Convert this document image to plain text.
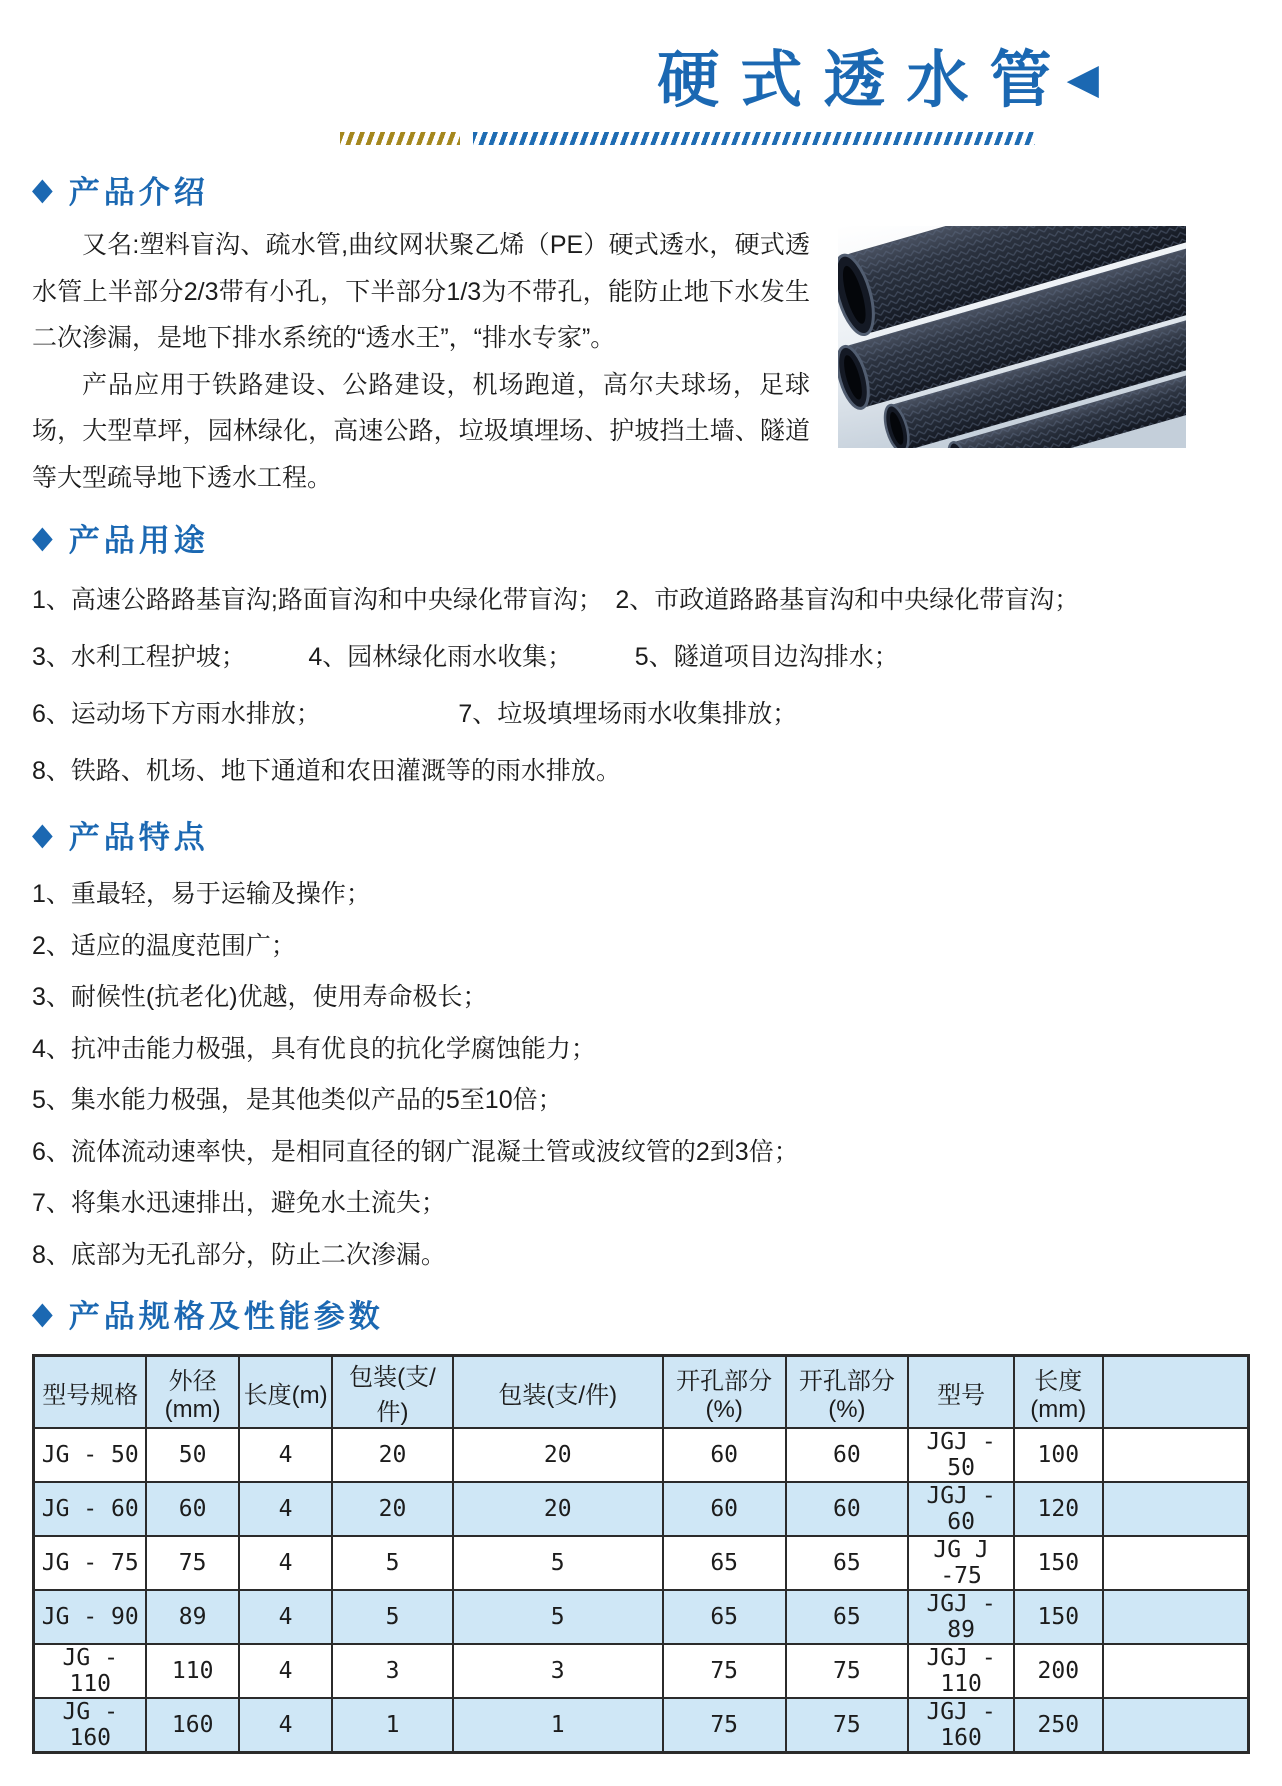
硬式透水管◀
◆ 产品介绍

又名:塑料盲沟、疏水管,曲纹网状聚乙烯（PE）硬式透水，硬式透水管上半部分2/3带有小孔，下半部分1/3为不带孔，能防止地下水发生二次渗漏，是地下排水系统的“透水王”，“排水专家”。

产品应用于铁路建设、公路建设，机场跑道，高尔夫球场，足球场，大型草坪，园林绿化，高速公路，垃圾填埋场、护坡挡土墙、隧道等大型疏导地下透水工程。

◆ 产品用途
1、高速公路路基盲沟;路面盲沟和中央绿化带盲沟；　2、市政道路路基盲沟和中央绿化带盲沟；
3、水利工程护坡；　　　4、园林绿化雨水收集；　　　5、隧道项目边沟排水；
6、运动场下方雨水排放；　　　　　　7、垃圾填埋场雨水收集排放；
8、铁路、机场、地下通道和农田灌溉等的雨水排放。
◆ 产品特点
1、重最轻，易于运输及操作；
2、适应的温度范围广；
3、耐候性(抗老化)优越，使用寿命极长；
4、抗冲击能力极强，具有优良的抗化学腐蚀能力；
5、集水能力极强，是其他类似产品的5至10倍；
6、流体流动速率快，是相同直径的钢广混凝土管或波纹管的2到3倍；
7、将集水迅速排出，避免水土流失；
8、底部为无孔部分，防止二次渗漏。
◆ 产品规格及性能参数
型号规格	外径(mm)	长度(m)	包装(支/件)	包装(支/件)	开孔部分(%)	开孔部分(%)	型号	长度(mm)	
JG - 50	50	4	20	20	60	60	JGJ - 50	100	
JG - 60	60	4	20	20	60	60	JGJ - 60	120	
JG - 75	75	4	5	5	65	65	JG J -75	150	
JG - 90	89	4	5	5	65	65	JGJ - 89	150	
JG - 110	110	4	3	3	75	75	JGJ - 110	200	
JG - 160	160	4	1	1	75	75	JGJ - 160	250	
